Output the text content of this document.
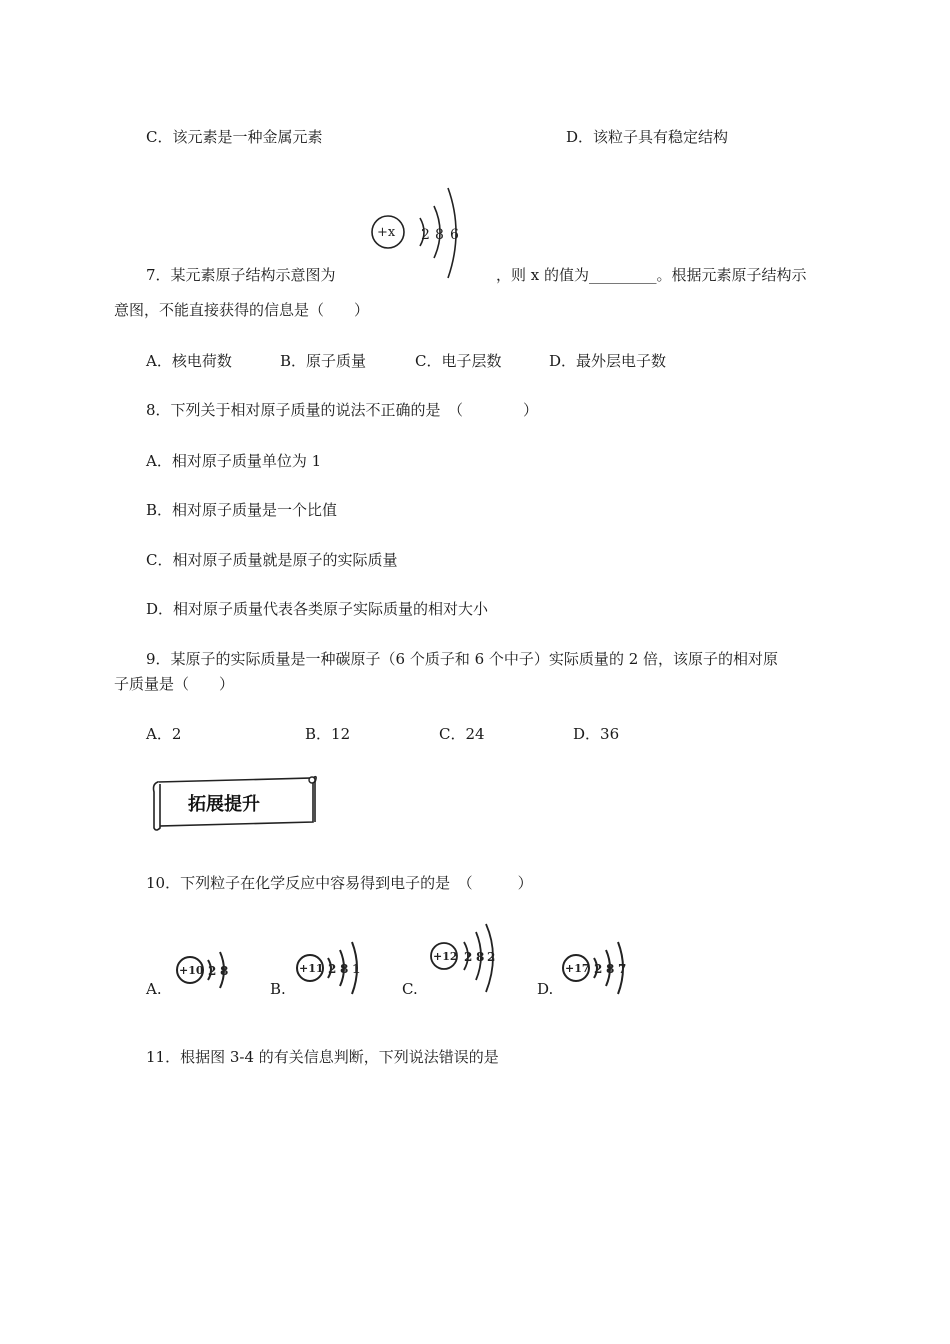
C．该元素是一种金属元素	D．该粒子具有稳定结构
+x 2 8 6
7．某元素原子结构示意图为	，则 x 的值为_________。根据元素原子结构示
意图，不能直接获得的信息是（　　）
A．核电荷数	B．原子质量	C．电子层数	D．最外层电子数
8．下列关于相对原子质量的说法不正确的是　（　　　　）
A．相对原子质量单位为 1
B．相对原子质量是一个比值
C．相对原子质量就是原子的实际质量
D．相对原子质量代表各类原子实际质量的相对大小
9．某原子的实际质量是一种碳原子（6 个质子和 6 个中子）实际质量的 2 倍，该原子的相对原
子质量是（　　）
A．2	B．12	C．24	D．36
拓展提升
10．下列粒子在化学反应中容易得到电子的是　（　　　）
A.
+10 2 8
B.
+11 2 8 1
C.
+12 2 8 2
D.
+17 2 8 7
11．根据图 3-4 的有关信息判断，下列说法错误的是
